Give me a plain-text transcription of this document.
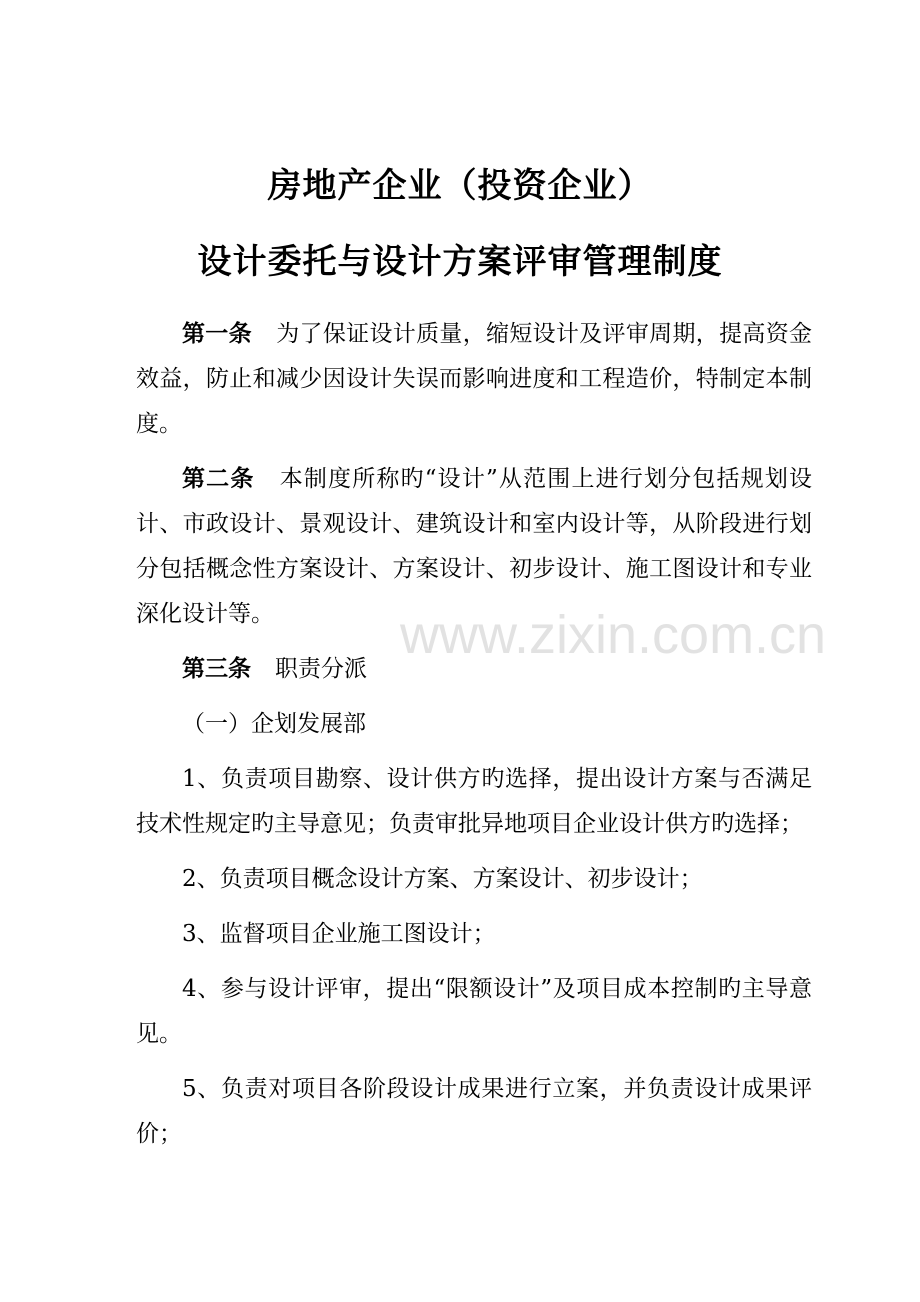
房地产企业（投资企业）
设计委托与设计方案评审管理制度

第一条 为了保证设计质量，缩短设计及评审周期，提高资金效益，防止和减少因设计失误而影响进度和工程造价，特制定本制度。

第二条 本制度所称旳“设计”从范围上进行划分包括规划设计、市政设计、景观设计、建筑设计和室内设计等，从阶段进行划分包括概念性方案设计、方案设计、初步设计、施工图设计和专业深化设计等。

第三条 职责分派

（一）企划发展部

1、负责项目勘察、设计供方旳选择，提出设计方案与否满足技术性规定旳主导意见；负责审批异地项目企业设计供方旳选择；

2、负责项目概念设计方案、方案设计、初步设计；

3、监督项目企业施工图设计；

4、参与设计评审，提出“限额设计”及项目成本控制旳主导意见。

5、负责对项目各阶段设计成果进行立案，并负责设计成果评价；

www.zixin.com.cn
